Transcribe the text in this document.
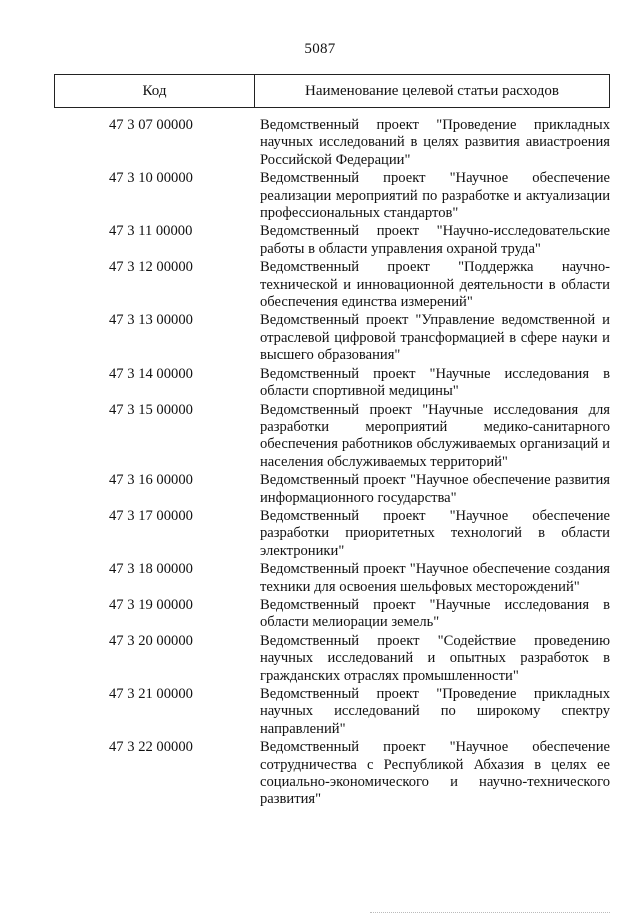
5087
Код	Наименование целевой статьи расходов
47 3 07 00000	Ведомственный проект "Проведение прикладных научных исследований в целях развития авиастроения Российской Федерации"
47 3 10 00000	Ведомственный проект "Научное обеспечение реализации мероприятий по разработке и актуализации профессиональных стандартов"
47 3 11 00000	Ведомственный проект "Научно-исследовательские работы в области управления охраной труда"
47 3 12 00000	Ведомственный проект "Поддержка научно-технической и инновационной деятельности в области обеспечения единства измерений"
47 3 13 00000	Ведомственный проект "Управление ведомственной и отраслевой цифровой трансформацией в сфере науки и высшего образования"
47 3 14 00000	Ведомственный проект "Научные исследования в области спортивной медицины"
47 3 15 00000	Ведомственный проект "Научные исследования для разработки мероприятий медико-санитарного обеспечения работников обслуживаемых организаций и населения обслуживаемых территорий"
47 3 16 00000	Ведомственный проект "Научное обеспечение развития информационного государства"
47 3 17 00000	Ведомственный проект "Научное обеспечение разработки приоритетных технологий в области электроники"
47 3 18 00000	Ведомственный проект "Научное обеспечение создания техники для освоения шельфовых месторождений"
47 3 19 00000	Ведомственный проект "Научные исследования в области мелиорации земель"
47 3 20 00000	Ведомственный проект "Содействие проведению научных исследований и опытных разработок в гражданских отраслях промышленности"
47 3 21 00000	Ведомственный проект "Проведение прикладных научных исследований по широкому спектру направлений"
47 3 22 00000	Ведомственный проект "Научное обеспечение сотрудничества с Республикой Абхазия в целях ее социально-экономического и научно-технического развития"
